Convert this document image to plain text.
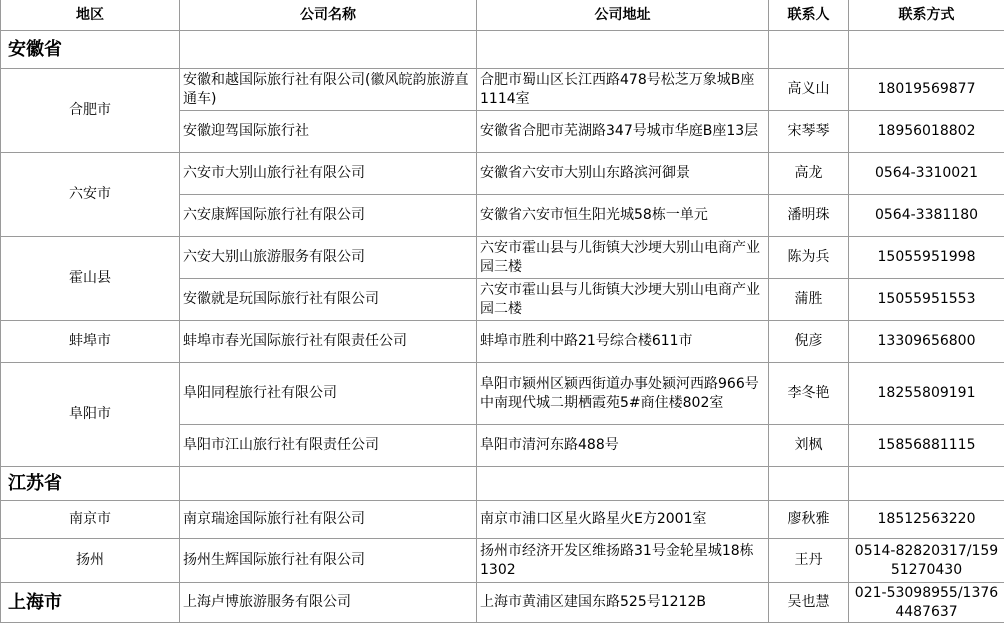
地区	公司名称	公司地址	联系人	联系方式
安徽省				
合肥市	安徽和越国际旅行社有限公司(徽风皖韵旅游直通车)	合肥市蜀山区长江西路478号松芝万象城B座1114室	高义山	18019569877
	安徽迎驾国际旅行社	安徽省合肥市芜湖路347号城市华庭B座13层	宋琴琴	18956018802
六安市	六安市大别山旅行社有限公司	安徽省六安市大别山东路滨河御景	高龙	0564-3310021
	六安康辉国际旅行社有限公司	安徽省六安市恒生阳光城58栋一单元	潘明珠	0564-3381180
霍山县	六安大别山旅游服务有限公司	六安市霍山县与儿街镇大沙埂大别山电商产业园三楼	陈为兵	15055951998
	安徽就是玩国际旅行社有限公司	六安市霍山县与儿街镇大沙埂大别山电商产业园二楼	蒲胜	15055951553
蚌埠市	蚌埠市春光国际旅行社有限责任公司	蚌埠市胜利中路21号综合楼611市	倪彦	13309656800
阜阳市	阜阳同程旅行社有限公司	阜阳市颍州区颍西街道办事处颍河西路966号中南现代城二期栖霞苑5#商住楼802室	李冬艳	18255809191
	阜阳市江山旅行社有限责任公司	阜阳市清河东路488号	刘枫	15856881115
江苏省				
南京市	南京瑞途国际旅行社有限公司	南京市浦口区星火路星火E方2001室	廖秋雅	18512563220
扬州	扬州生辉国际旅行社有限公司	扬州市经济开发区维扬路31号金轮星城18栋1302	王丹	0514-82820317/15951270430
上海市	上海卢博旅游服务有限公司	上海市黄浦区建国东路525号1212B	吴也慧	021-53098955/13764487637
